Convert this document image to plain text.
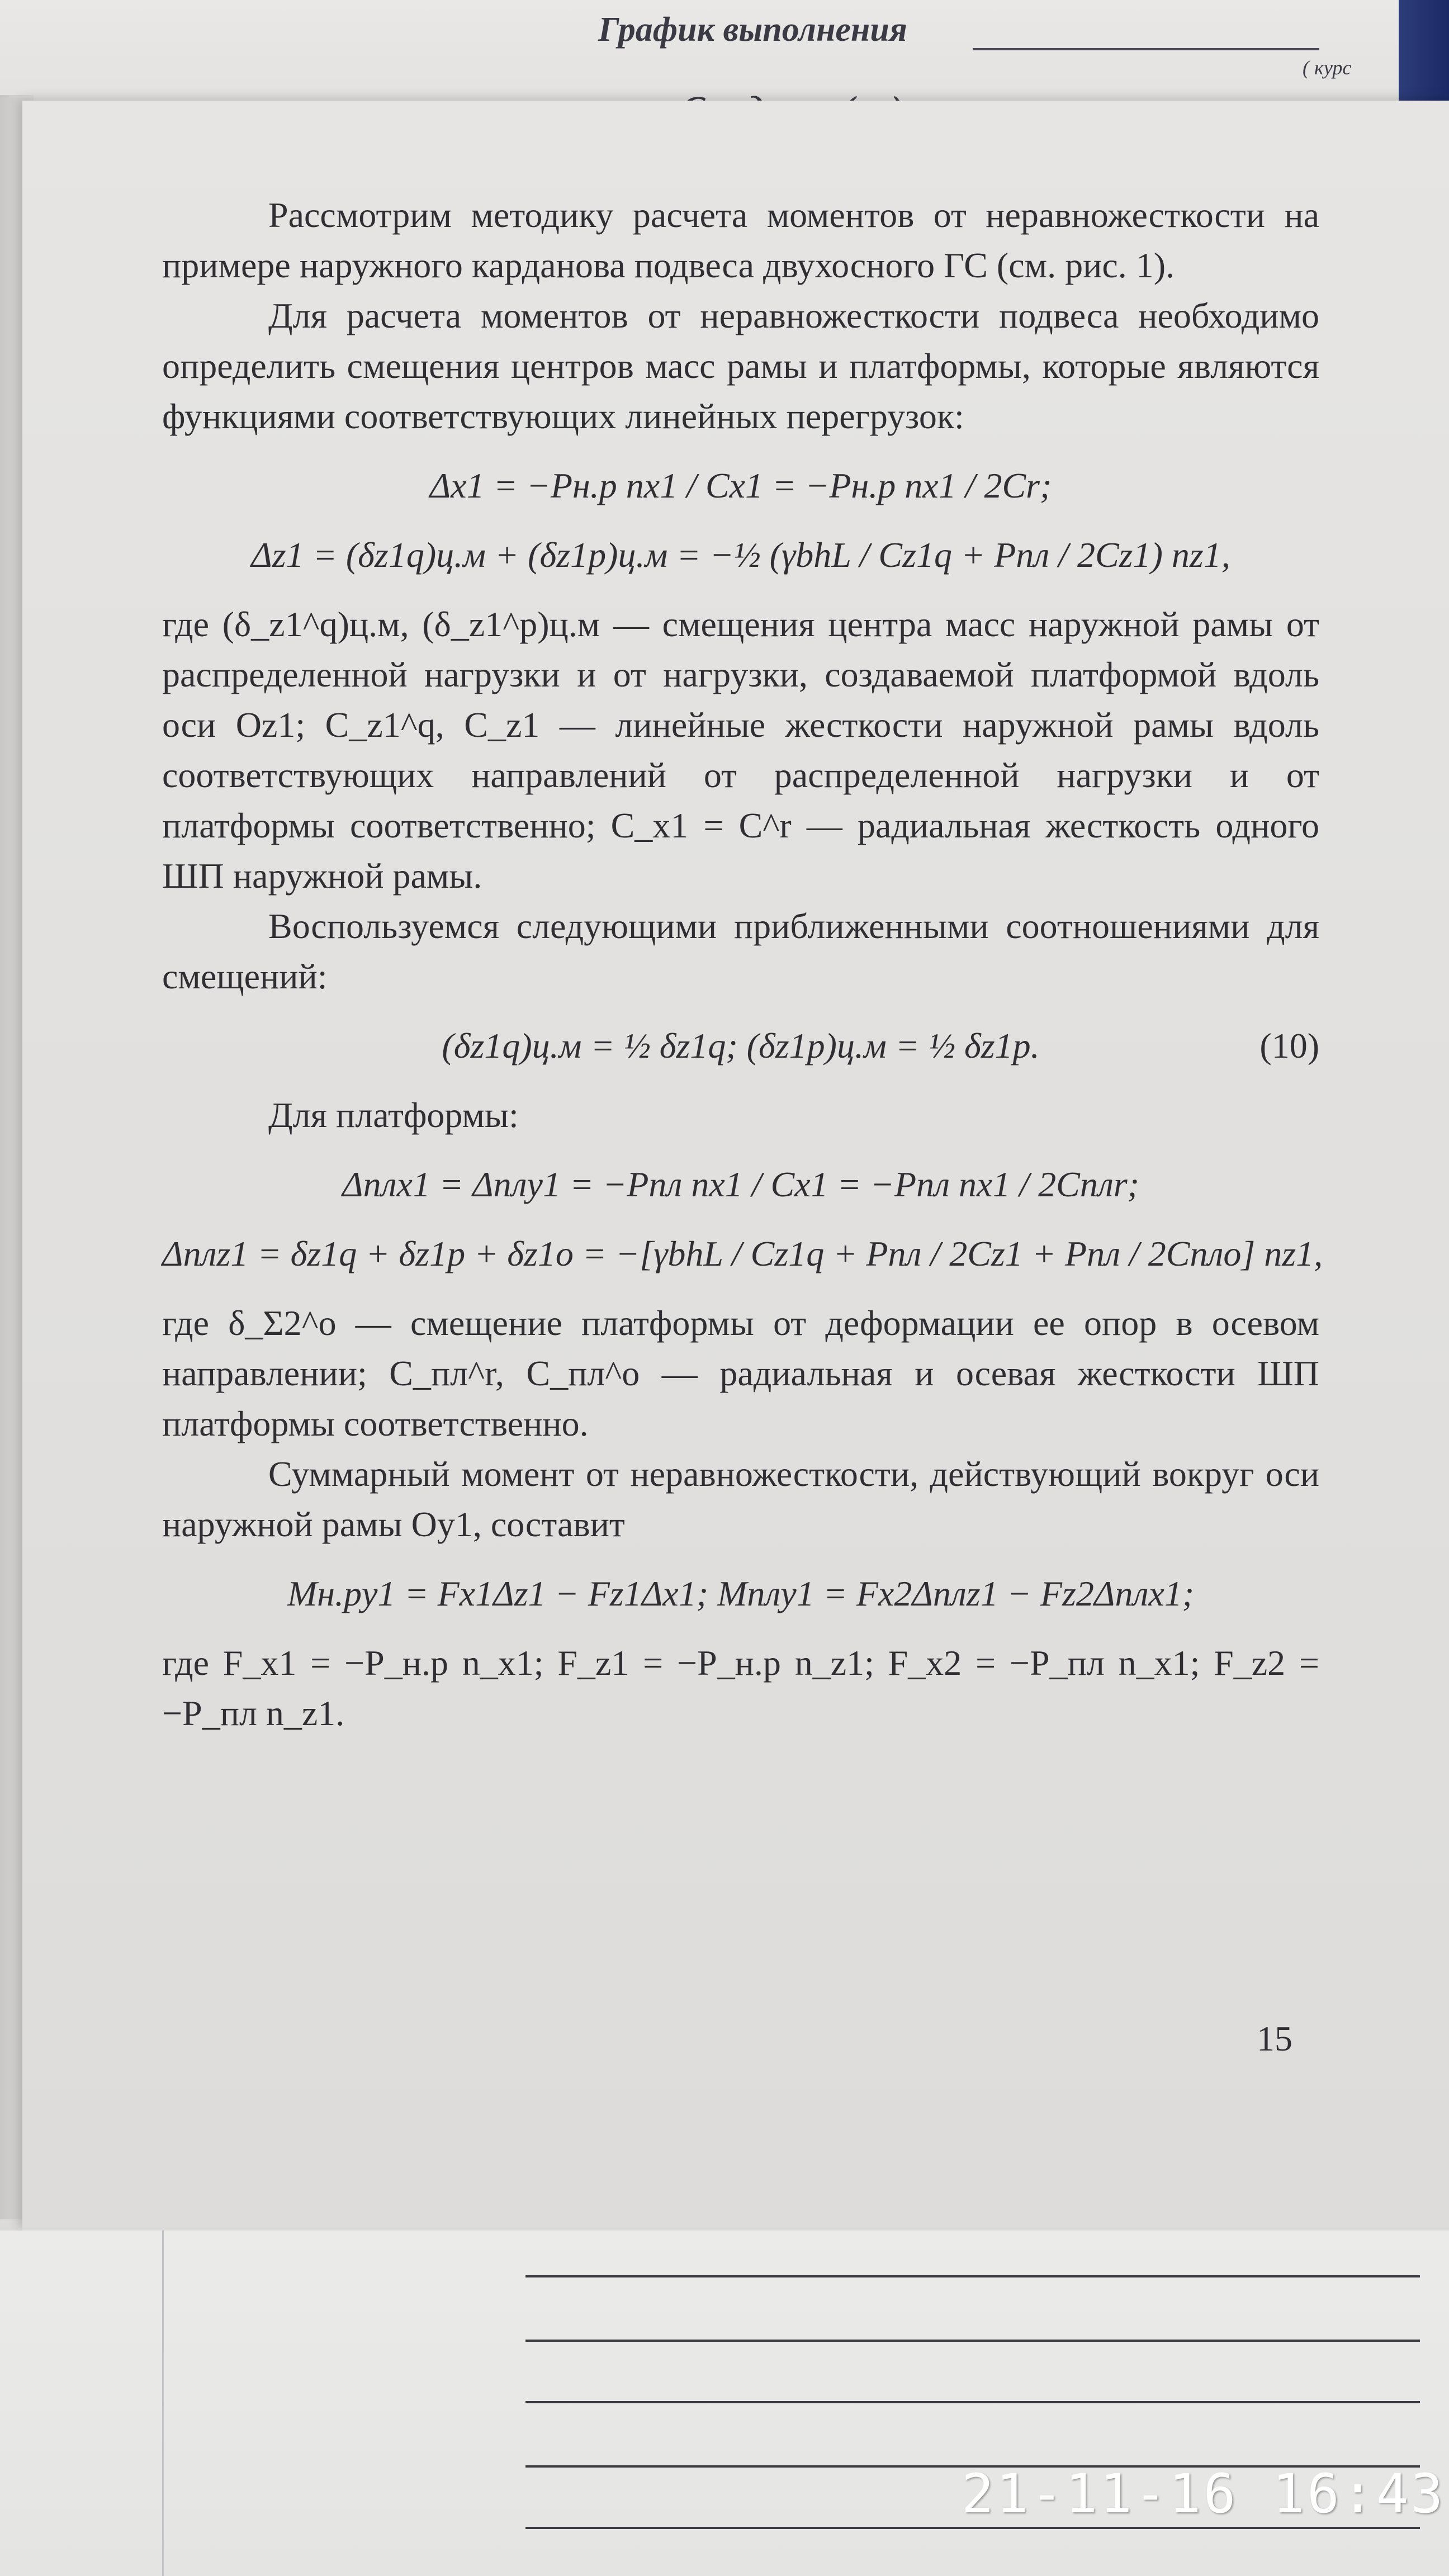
График выполнения
( курс

Рассмотрим методику расчета моментов от неравножесткости на примере наружного карданова подвеса двухосного ГС (см. рис. 1).

Для расчета моментов от неравножесткости подвеса необходимо определить смещения центров масс рамы и платформы, которые являются функциями соответствующих линейных перегрузок:

Δx1 = −Pн.р nx1 / Cx1 = −Pн.р nx1 / 2Cr;
Δz1 = (δz1q)ц.м + (δz1p)ц.м = −½ (γbhL / Cz1q + Pпл / 2Cz1) nz1,

где (δ_z1^q)ц.м, (δ_z1^p)ц.м — смещения центра масс наружной рамы от распределенной нагрузки и от нагрузки, создаваемой платформой вдоль оси Oz1; C_z1^q, C_z1 — линейные жесткости наружной рамы вдоль соответствующих направлений от распределенной нагрузки и от платформы соответственно; C_x1 = C^r — радиальная жесткость одного ШП наружной рамы.

Воспользуемся следующими приближенными соотношениями для смещений:

(δz1q)ц.м = ½ δz1q; (δz1p)ц.м = ½ δz1p.	(10)

Для платформы:

Δплx1 = Δплy1 = −Pпл nx1 / Cx1 = −Pпл nx1 / 2Cплr;
Δплz1 = δz1q + δz1p + δz1o = −[γbhL / Cz1q + Pпл / 2Cz1 + Pпл / 2Cплo] nz1,

где δ_Σ2^o — смещение платформы от деформации ее опор в осевом направлении; C_пл^r, C_пл^o — радиальная и осевая жесткости ШП платформы соответственно.

Суммарный момент от неравножесткости, действующий вокруг оси наружной рамы Oy1, составит

Mн.рy1 = Fx1Δz1 − Fz1Δx1; Mплy1 = Fx2Δплz1 − Fz2Δплx1;

где F_x1 = −P_н.р n_x1; F_z1 = −P_н.р n_z1; F_x2 = −P_пл n_x1; F_z2 = −P_пл n_z1.

15
21-11-16 16:43
